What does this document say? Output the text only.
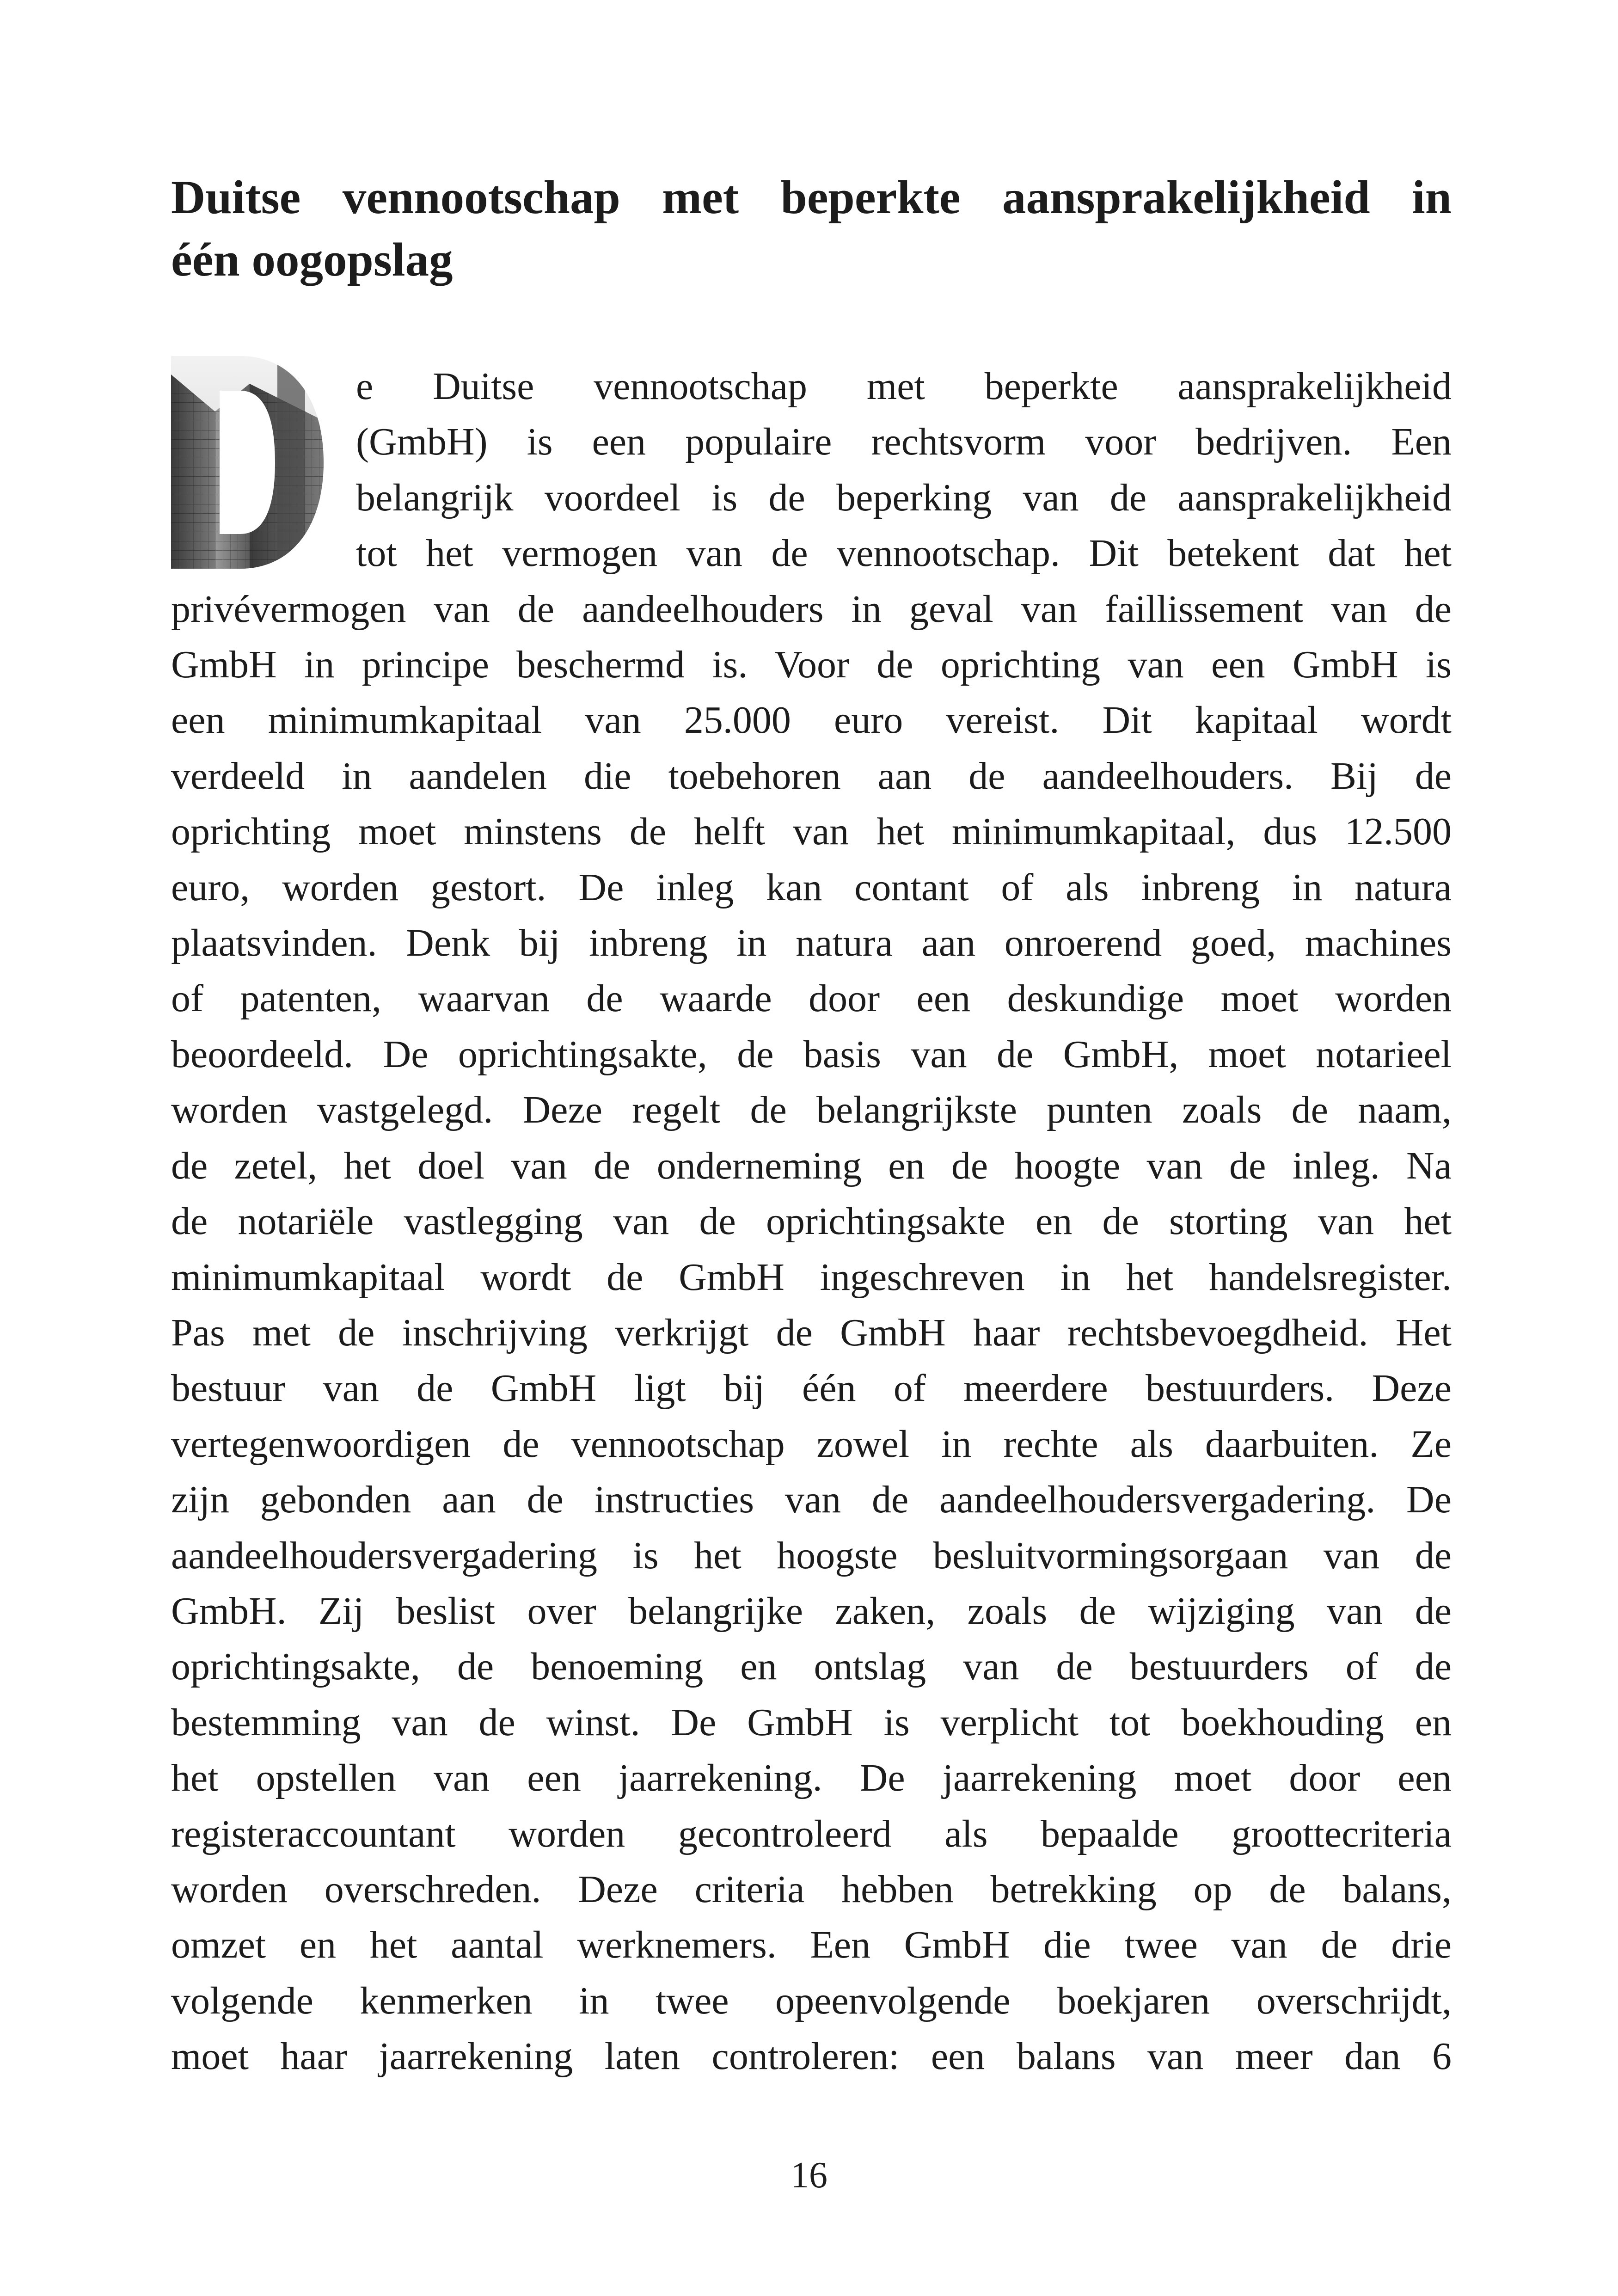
Duitse vennootschap met beperkte aansprakelijkheid in
één oogopslag
e Duitse vennootschap met beperkte aansprakelijkheid
(GmbH) is een populaire rechtsvorm voor bedrijven. Een
belangrijk voordeel is de beperking van de aansprakelijkheid
tot het vermogen van de vennootschap. Dit betekent dat het
privévermogen van de aandeelhouders in geval van faillissement van de
GmbH in principe beschermd is. Voor de oprichting van een GmbH is
een minimumkapitaal van 25.000 euro vereist. Dit kapitaal wordt
verdeeld in aandelen die toebehoren aan de aandeelhouders. Bij de
oprichting moet minstens de helft van het minimumkapitaal, dus 12.500
euro, worden gestort. De inleg kan contant of als inbreng in natura
plaatsvinden. Denk bij inbreng in natura aan onroerend goed, machines
of patenten, waarvan de waarde door een deskundige moet worden
beoordeeld. De oprichtingsakte, de basis van de GmbH, moet notarieel
worden vastgelegd. Deze regelt de belangrijkste punten zoals de naam,
de zetel, het doel van de onderneming en de hoogte van de inleg. Na
de notariële vastlegging van de oprichtingsakte en de storting van het
minimumkapitaal wordt de GmbH ingeschreven in het handelsregister.
Pas met de inschrijving verkrijgt de GmbH haar rechtsbevoegdheid. Het
bestuur van de GmbH ligt bij één of meerdere bestuurders. Deze
vertegenwoordigen de vennootschap zowel in rechte als daarbuiten. Ze
zijn gebonden aan de instructies van de aandeelhoudersvergadering. De
aandeelhoudersvergadering is het hoogste besluitvormingsorgaan van de
GmbH. Zij beslist over belangrijke zaken, zoals de wijziging van de
oprichtingsakte, de benoeming en ontslag van de bestuurders of de
bestemming van de winst. De GmbH is verplicht tot boekhouding en
het opstellen van een jaarrekening. De jaarrekening moet door een
registeraccountant worden gecontroleerd als bepaalde groottecriteria
worden overschreden. Deze criteria hebben betrekking op de balans,
omzet en het aantal werknemers. Een GmbH die twee van de drie
volgende kenmerken in twee opeenvolgende boekjaren overschrijdt,
moet haar jaarrekening laten controleren: een balans van meer dan 6
16
